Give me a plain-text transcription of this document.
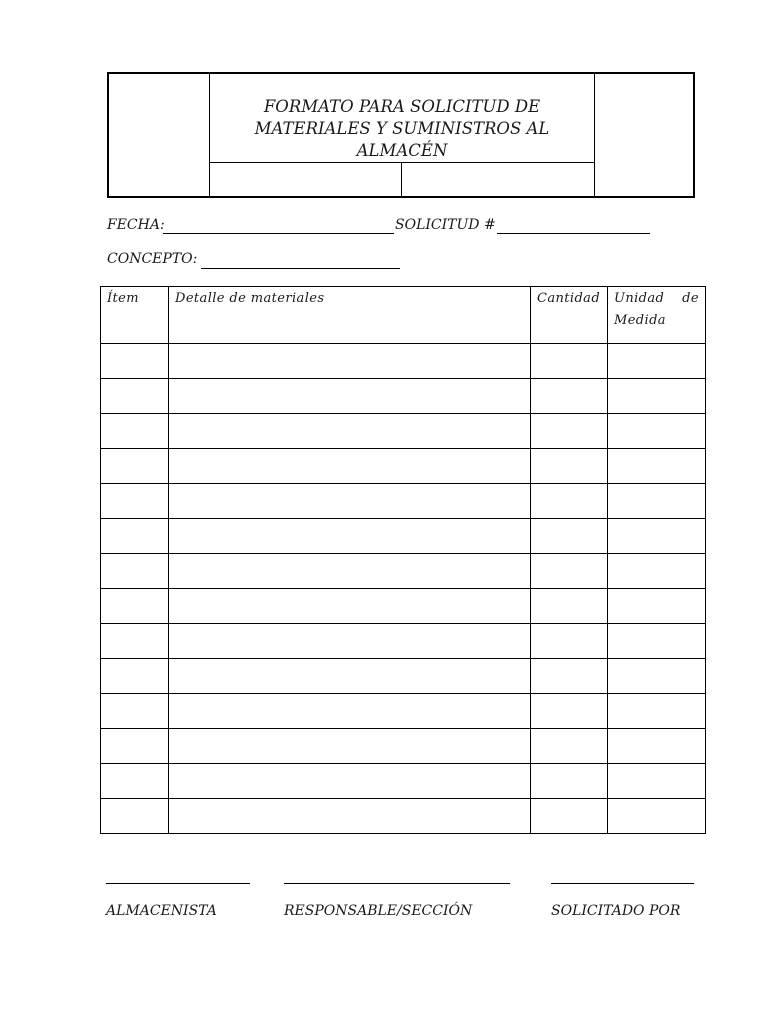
FORMATO PARA SOLICITUD DE MATERIALES Y SUMINISTROS AL ALMACÉN
FECHA:	SOLICITUD #
CONCEPTO:
Ítem	Detalle de materiales	Cantidad	Unidad de
Medida

ALMACENISTA	RESPONSABLE/SECCIÓN	SOLICITADO POR
